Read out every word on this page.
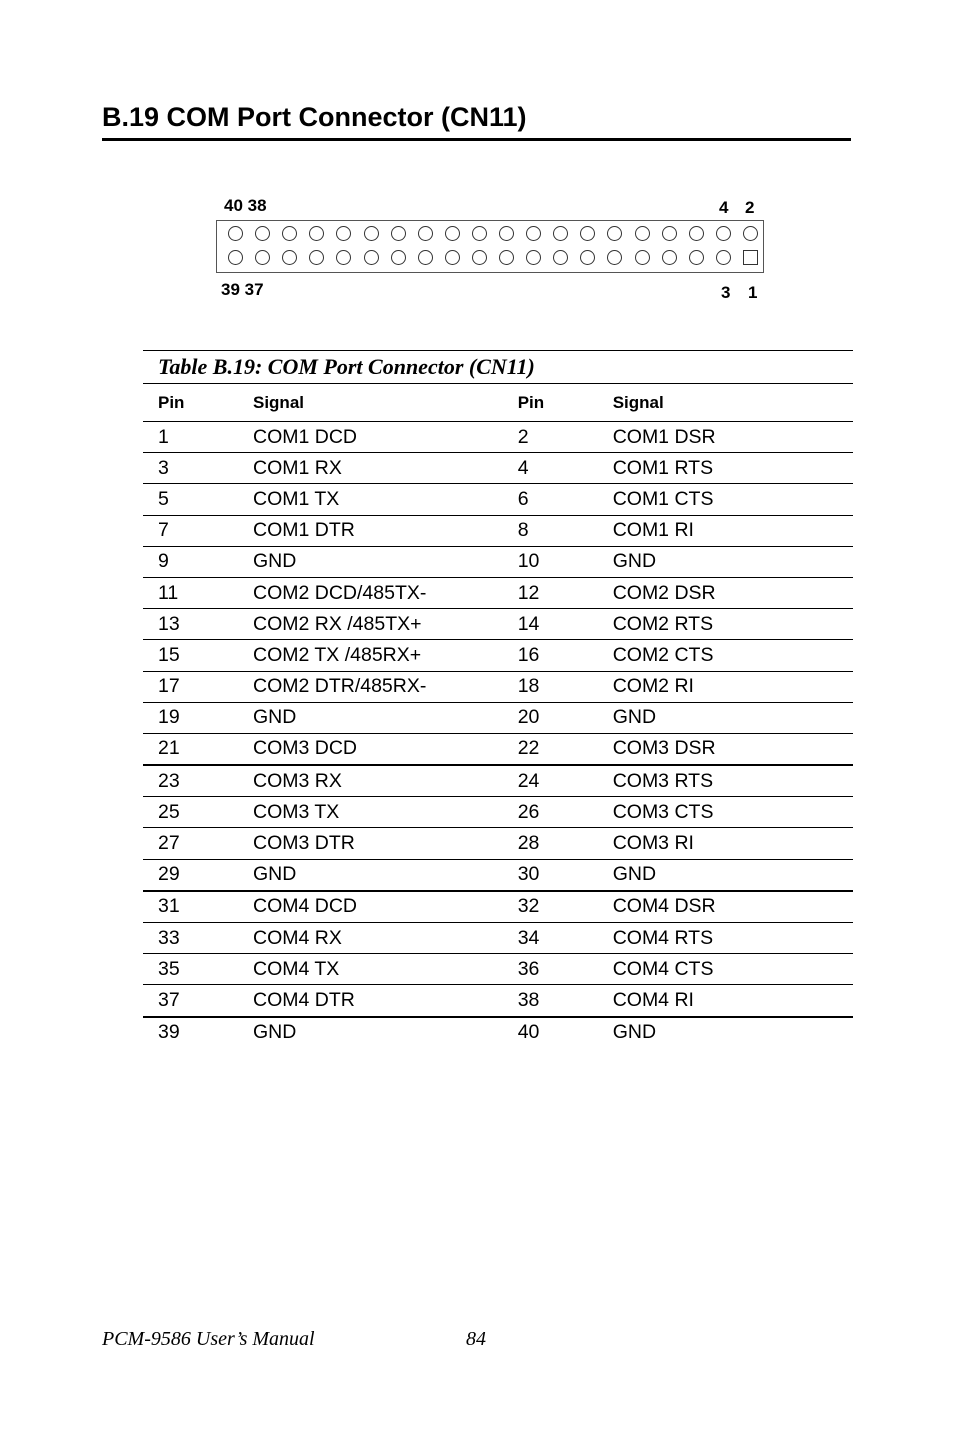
B.19 COM Port Connector (CN11)
40 38	4 2
39 37	3 1
Table B.19: COM Port Connector (CN11)
Pin	Signal	Pin	Signal
1	COM1 DCD	2	COM1 DSR
3	COM1 RX	4	COM1 RTS
5	COM1 TX	6	COM1 CTS
7	COM1 DTR	8	COM1 RI
9	GND	10	GND
11	COM2 DCD/485TX-	12	COM2 DSR
13	COM2 RX /485TX+	14	COM2 RTS
15	COM2 TX /485RX+	16	COM2 CTS
17	COM2 DTR/485RX-	18	COM2 RI
19	GND	20	GND
21	COM3 DCD	22	COM3 DSR
23	COM3 RX	24	COM3 RTS
25	COM3 TX	26	COM3 CTS
27	COM3 DTR	28	COM3 RI
29	GND	30	GND
31	COM4 DCD	32	COM4 DSR
33	COM4 RX	34	COM4 RTS
35	COM4 TX	36	COM4 CTS
37	COM4 DTR	38	COM4 RI
39	GND	40	GND
PCM-9586 User’s Manual	84
